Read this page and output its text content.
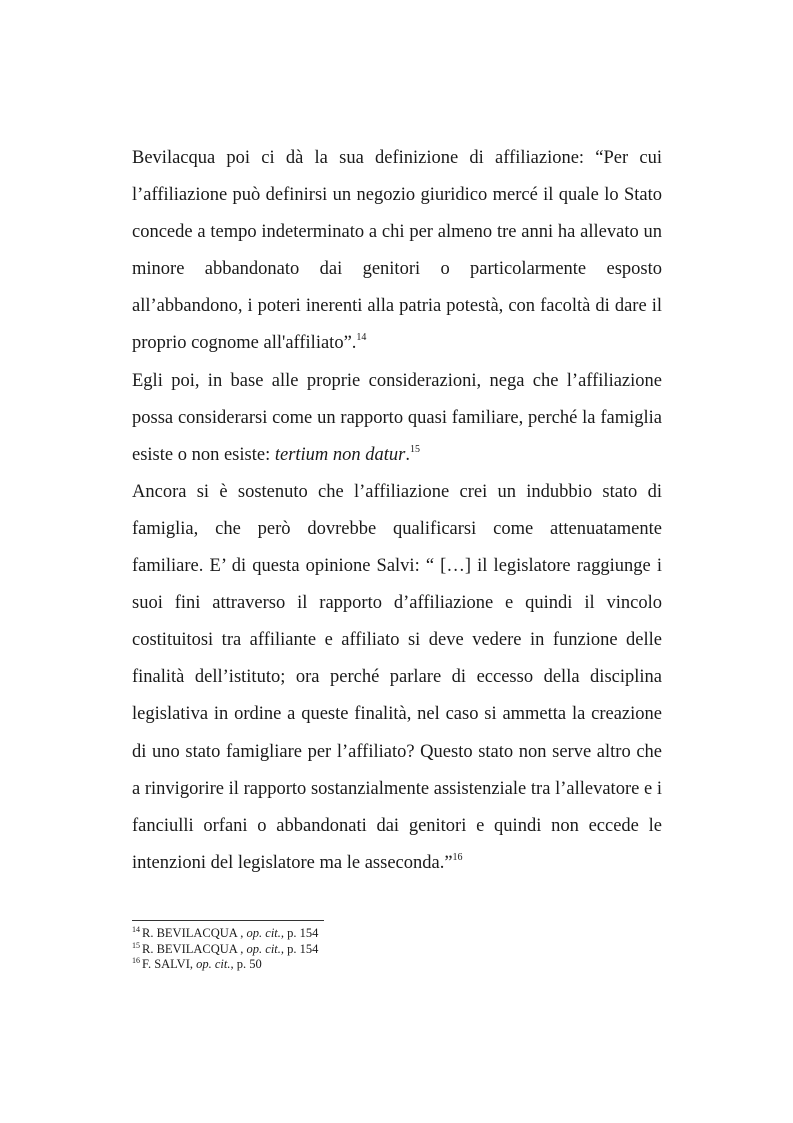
Bevilacqua poi ci dà la sua definizione di affiliazione: “Per cui l’affiliazione può definirsi un negozio giuridico mercé il quale lo Stato concede a tempo indeterminato a chi per almeno tre anni ha allevato un minore abbandonato dai genitori o particolarmente esposto all’abbandono, i poteri inerenti alla patria potestà, con facoltà di dare il proprio cognome all'affiliato”.$^{14}$

Egli poi, in base alle proprie considerazioni, nega che l’affiliazione possa considerarsi come un rapporto quasi familiare, perché la famiglia esiste o non esiste: tertium non datur.$^{15}$

Ancora si è sostenuto che l’affiliazione crei un indubbio stato di famiglia, che però dovrebbe qualificarsi come attenuatamente familiare. E’ di questa opinione Salvi: “ […] il legislatore raggiunge i suoi fini attraverso il rapporto d’affiliazione e quindi il vincolo costituitosi tra affiliante e affiliato si deve vedere in funzione delle finalità dell’istituto; ora perché parlare di eccesso della disciplina legislativa in ordine a queste finalità, nel caso si ammetta la creazione di uno stato famigliare per l’affiliato? Questo stato non serve altro che a rinvigorire il rapporto sostanzialmente assistenziale tra l’allevatore e i fanciulli orfani o abbandonati dai genitori e quindi non eccede le intenzioni del legislatore ma le asseconda.”$^{16}$

$^{14}$ R. BEVILACQUA , op. cit., p. 154

$^{15}$ R. BEVILACQUA , op. cit., p. 154

$^{16}$ F. SALVI, op. cit., p. 50
